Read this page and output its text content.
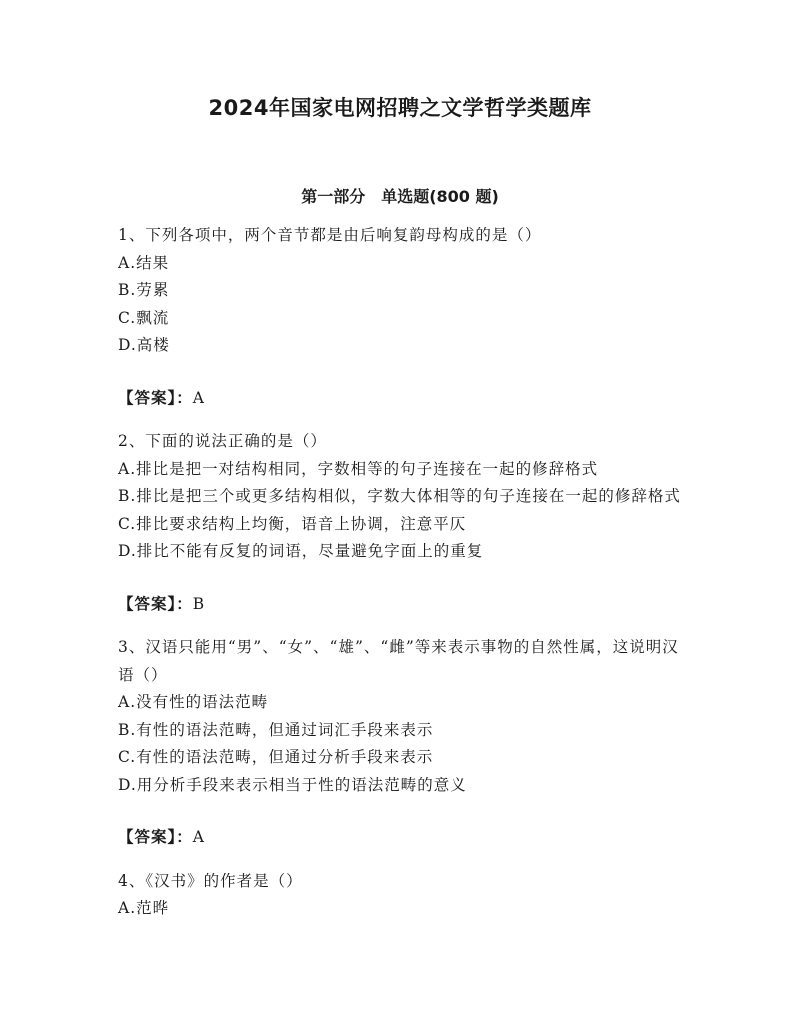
2024年国家电网招聘之文学哲学类题库
第一部分　单选题(800 题)

1、下列各项中，两个音节都是由后响复韵母构成的是（）

A.结果

B.劳累

C.飘流

D.高楼

【答案】：A

2、下面的说法正确的是（）

A.排比是把一对结构相同，字数相等的句子连接在一起的修辞格式

B.排比是把三个或更多结构相似，字数大体相等的句子连接在一起的修辞格式

C.排比要求结构上均衡，语音上协调，注意平仄

D.排比不能有反复的词语，尽量避免字面上的重复

【答案】：B

3、汉语只能用“男”、“女”、“雄”、“雌”等来表示事物的自然性属，这说明汉语（）

A.没有性的语法范畴

B.有性的语法范畴，但通过词汇手段来表示

C.有性的语法范畴，但通过分析手段来表示

D.用分析手段来表示相当于性的语法范畴的意义

【答案】：A

4、《汉书》的作者是（）

A.范晔
